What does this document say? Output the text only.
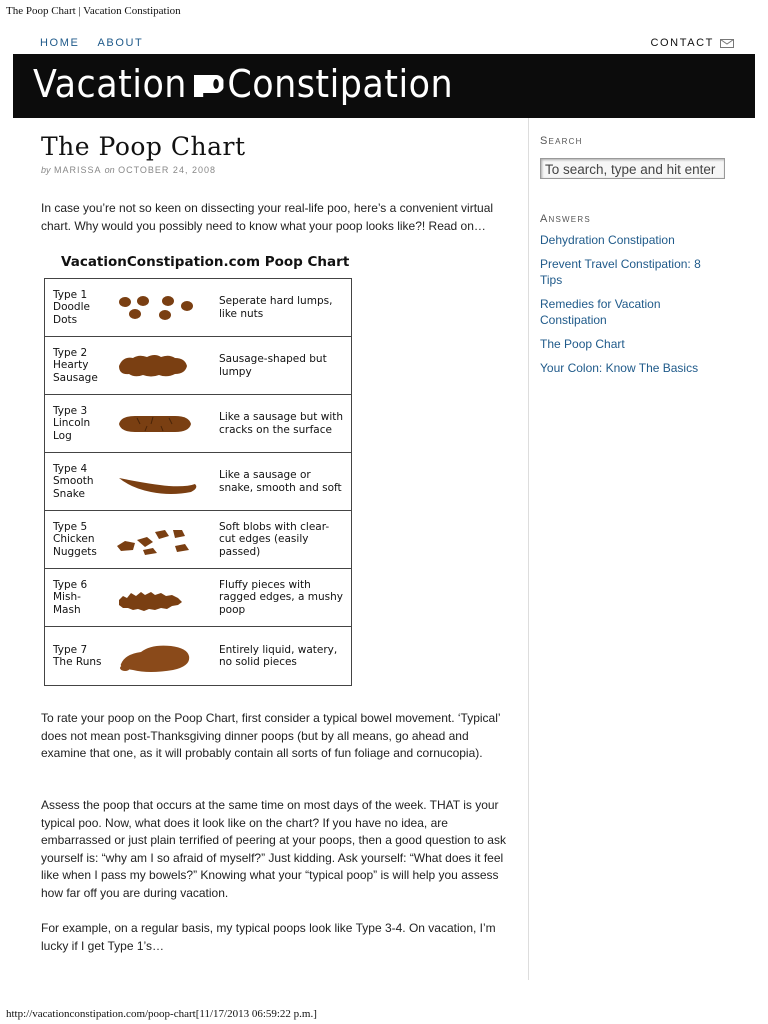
The Poop Chart | Vacation Constipation
HOME ABOUT	CONTACT
Vacation Constipation
The Poop Chart
by MARISSA on OCTOBER 24, 2008

In case you’re not so keen on dissecting your real-life poo, here’s a convenient virtual chart. Why would you possibly need to know what your poop looks like?! Read on…

VacationConstipation.com Poop Chart
Type 1
Doodle
Dots
Seperate hard lumps, like nuts
Type 2
Hearty
Sausage
Sausage-shaped but lumpy
Type 3
Lincoln
Log
Like a sausage but with cracks on the surface
Type 4
Smooth
Snake
Like a sausage or snake, smooth and soft
Type 5
Chicken
Nuggets
Soft blobs with clear-cut edges (easily passed)
Type 6
Mish-
Mash
Fluffy pieces with ragged edges, a mushy poop
Type 7
The Runs
Entirely liquid, watery, no solid pieces

To rate your poop on the Poop Chart, first consider a typical bowel movement. ‘Typical’ does not mean post-Thanksgiving dinner poops (but by all means, go ahead and examine that one, as it will probably contain all sorts of fun foliage and cornucopia).

Assess the poop that occurs at the same time on most days of the week. THAT is your typical poo. Now, what does it look like on the chart? If you have no idea, are embarrassed or just plain terrified of peering at your poops, then a good question to ask yourself is: “why am I so afraid of myself?” Just kidding. Ask yourself: “What does it feel like when I pass my bowels?” Knowing what your “typical poop” is will help you assess how far off you are during vacation.

For example, on a regular basis, my typical poops look like Type 3-4. On vacation, I’m lucky if I get Type 1’s…

Search
To search, type and hit enter
Answers
Dehydration Constipation
Prevent Travel Constipation: 8 Tips
Remedies for Vacation Constipation
The Poop Chart
Your Colon: Know The Basics
http://vacationconstipation.com/poop-chart[11/17/2013 06:59:22 p.m.]
